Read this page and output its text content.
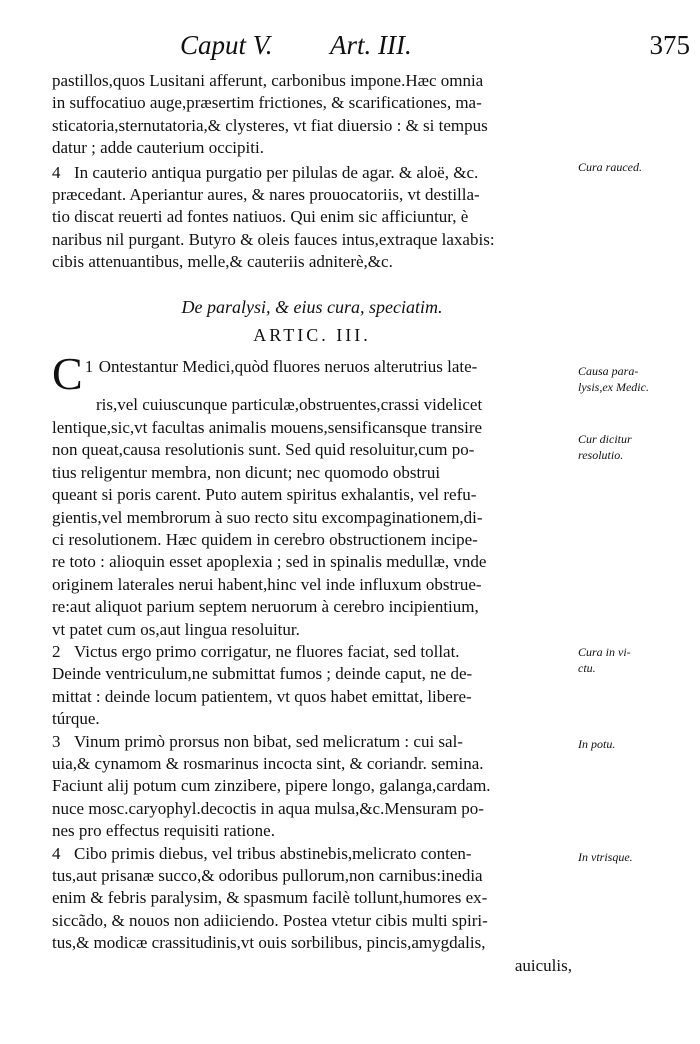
Caput V. Art. III.	375
pastillos,quos Lusitani afferunt, carbonibus impone.Hæc omnia
in suffocatiuo auge,præsertim frictiones, & scarificationes, ma-
sticatoria,sternutatoria,& clysteres, vt fiat diuersio : & si tempus
datur ; adde cauterium occipiti.
4 In cauterio antiqua purgatio per pilulas de agar. & aloë, &c.
præcedant. Aperiantur aures, & nares prouocatoriis, vt destilla-
tio discat reuerti ad fontes natiuos. Qui enim sic afficiuntur, è
naribus nil purgant. Butyro & oleis fauces intus,extraque laxabis:
cibis attenuantibus, melle,& cauteriis adniterè,&c.
De paralysi, & eius cura, speciatim.
ARTIC. III.
1
C Ontestantur Medici,quòd fluores neruos alterutrius late-
ris,vel cuiuscunque particulæ,obstruentes,crassi videlicet
lentique,sic,vt facultas animalis mouens,sensificansque transire
non queat,causa resolutionis sunt. Sed quid resoluitur,cum po-
tius religentur membra, non dicunt; nec quomodo obstrui
queant si poris carent. Puto autem spiritus exhalantis, vel refu-
gientis,vel membrorum à suo recto situ excompaginationem,di-
ci resolutionem. Hæc quidem in cerebro obstructionem incipe-
re toto : alioquin esset apoplexia ; sed in spinalis medullæ, vnde
originem laterales nerui habent,hinc vel inde influxum obstrue-
re:aut aliquot parium septem neruorum à cerebro incipientium,
vt patet cum os,aut lingua resoluitur.
2 Victus ergo primo corrigatur, ne fluores faciat, sed tollat.
Deinde ventriculum,ne submittat fumos ; deinde caput, ne de-
mittat : deinde locum patientem, vt quos habet emittat, libere-
túrque.
3 Vinum primò prorsus non bibat, sed melicratum : cui sal-
uia,& cynamom & rosmarinus incocta sint, & coriandr. semina.
Faciunt alij potum cum zinzibere, pipere longo, galanga,cardam.
nuce mosc.caryophyl.decoctis in aqua mulsa,&c.Mensuram po-
nes pro effectus requisiti ratione.
4 Cibo primis diebus, vel tribus abstinebis,melicrato conten-
tus,aut prisanæ succo,& odoribus pullorum,non carnibus:inedia
enim & febris paralysim, & spasmum facilè tollunt,humores ex-
siccãdo, & nouos non adiiciendo. Postea vtetur cibis multi spiri-
tus,& modicæ crassitudinis,vt ouis sorbilibus, pincis,amygdalis,
auiculis,
Cura rauced.
Causa para-
lysis,ex Medic.
Cur dicitur
resolutio.
Cura in vi-
ctu.
In potu.
In vtrisque.
